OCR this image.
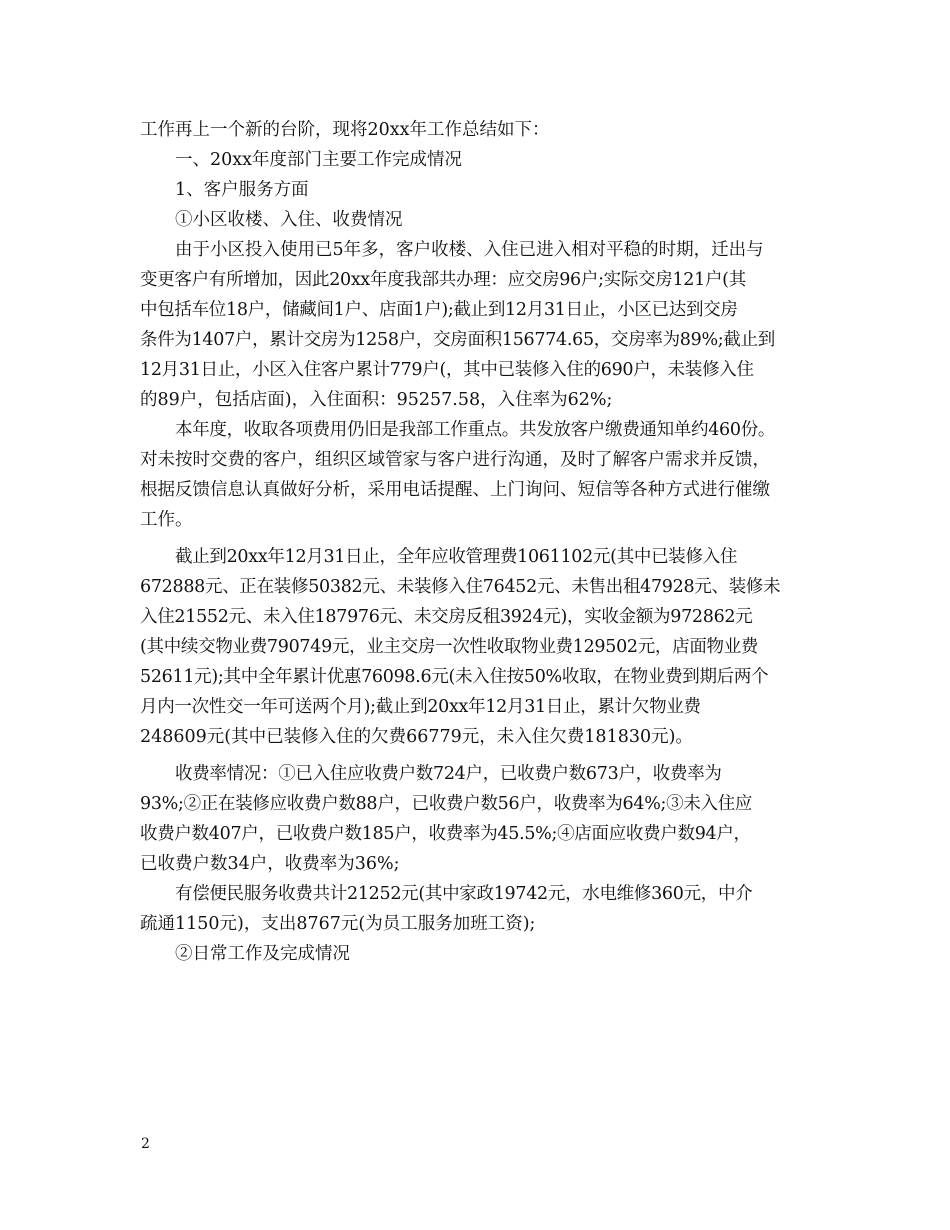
工作再上一个新的台阶，现将20xx年工作总结如下：

一、20xx年度部门主要工作完成情况

1、客户服务方面

①小区收楼、入住、收费情况

由于小区投入使用已5年多，客户收楼、入住已进入相对平稳的时期，迁出与

变更客户有所增加，因此20xx年度我部共办理：应交房96户;实际交房121户(其

中包括车位18户，储藏间1户、店面1户);截止到12月31日止，小区已达到交房

条件为1407户，累计交房为1258户，交房面积156774.65，交房率为89%;截止到

12月31日止，小区入住客户累计779户(，其中已装修入住的690户，未装修入住

的89户，包括店面)，入住面积：95257.58，入住率为62%;

本年度，收取各项费用仍旧是我部工作重点。共发放客户缴费通知单约460份。

对未按时交费的客户，组织区域管家与客户进行沟通，及时了解客户需求并反馈，

根据反馈信息认真做好分析，采用电话提醒、上门询问、短信等各种方式进行催缴

工作。

截止到20xx年12月31日止，全年应收管理费1061102元(其中已装修入住

672888元、正在装修50382元、未装修入住76452元、未售出租47928元、装修未

入住21552元、未入住187976元、未交房反租3924元)，实收金额为972862元

(其中续交物业费790749元，业主交房一次性收取物业费129502元，店面物业费

52611元);其中全年累计优惠76098.6元(未入住按50%收取，在物业费到期后两个

月内一次性交一年可送两个月);截止到20xx年12月31日止，累计欠物业费

248609元(其中已装修入住的欠费66779元，未入住欠费181830元)。

收费率情况：①已入住应收费户数724户，已收费户数673户，收费率为

93%;②正在装修应收费户数88户，已收费户数56户，收费率为64%;③未入住应

收费户数407户，已收费户数185户，收费率为45.5%;④店面应收费户数94户，

已收费户数34户，收费率为36%;

有偿便民服务收费共计21252元(其中家政19742元，水电维修360元，中介

疏通1150元)，支出8767元(为员工服务加班工资);

②日常工作及完成情况

2
